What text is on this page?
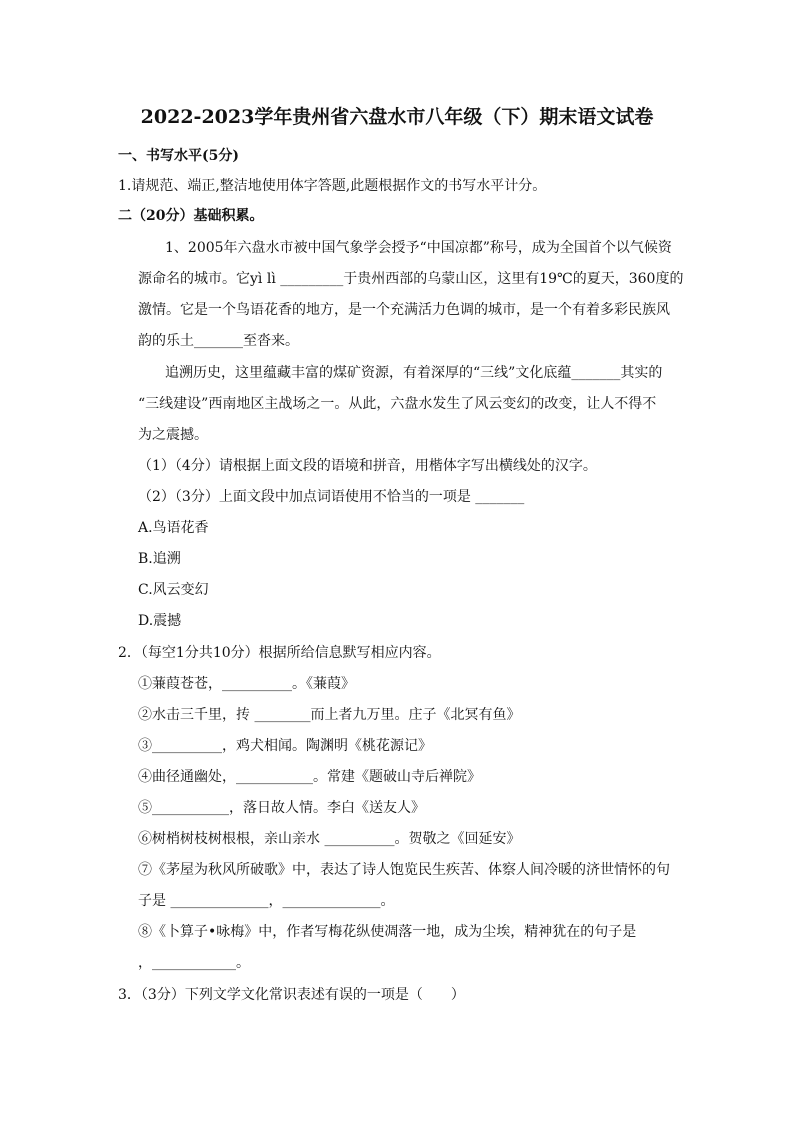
2022-2023学年贵州省六盘水市八年级（下）期末语文试卷
一、书写水平(5分)
1.请规范、端正,整洁地使用体字答题,此题根据作文的书写水平计分。
二（20分）基础积累。
1、2005年六盘水市被中国气象学会授予“中国凉都”称号，成为全国首个以气候资
源命名的城市。它yì lì _________于贵州西部的乌蒙山区，这里有19℃的夏天，360度的
激情。它是一个鸟语花香的地方，是一个充满活力色调的城市，是一个有着多彩民族风
韵的乐土_______至沓来。
追溯历史，这里蕴藏丰富的煤矿资源，有着深厚的“三线”文化底蕴_______其实的
“三线建设”西南地区主战场之一。从此，六盘水发生了风云变幻的改变，让人不得不
为之震撼。
（1）（4分）请根据上面文段的语境和拼音，用楷体字写出横线处的汉字。
（2）（3分）上面文段中加点词语使用不恰当的一项是 _______
A.鸟语花香
B.追溯
C.风云变幻
D.震撼
2．（每空1分共10分）根据所给信息默写相应内容。
①蒹葭苍苍，__________。《蒹葭》
②水击三千里，抟 ________而上者九万里。庄子《北冥有鱼》
③__________，鸡犬相闻。陶渊明《桃花源记》
④曲径通幽处，___________。常建《题破山寺后禅院》
⑤___________，落日故人情。李白《送友人》
⑥树梢树枝树根根，亲山亲水 __________。贺敬之《回延安》
⑦《茅屋为秋风所破歌》中，表达了诗人饱览民生疾苦、体察人间冷暖的济世情怀的句
子是 ______________，______________。
⑧《卜算子•咏梅》中，作者写梅花纵使凋落一地，成为尘埃，精神犹在的句子是
，____________。
3．（3分）下列文学文化常识表述有误的一项是（　　）
